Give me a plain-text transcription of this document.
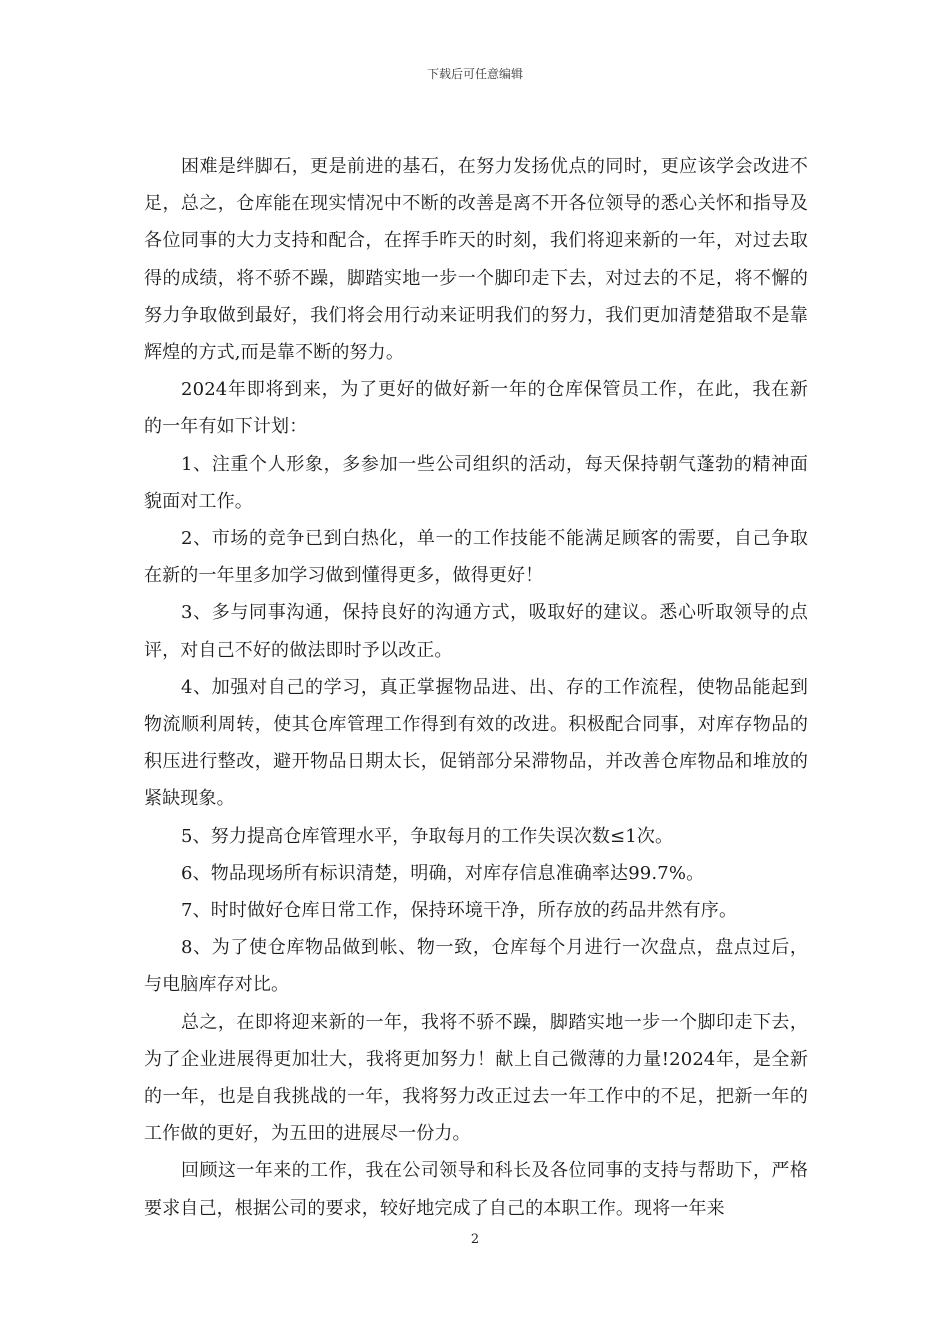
下载后可任意编辑

困难是绊脚石，更是前进的基石，在努力发扬优点的同时，更应该学会改进不足，总之，仓库能在现实情况中不断的改善是离不开各位领导的悉心关怀和指导及各位同事的大力支持和配合，在挥手昨天的时刻，我们将迎来新的一年，对过去取得的成绩，将不骄不躁，脚踏实地一步一个脚印走下去，对过去的不足，将不懈的努力争取做到最好，我们将会用行动来证明我们的努力，我们更加清楚猎取不是靠辉煌的方式,而是靠不断的努力。

2024年即将到来，为了更好的做好新一年的仓库保管员工作，在此，我在新的一年有如下计划：

1、注重个人形象，多参加一些公司组织的活动，每天保持朝气蓬勃的精神面貌面对工作。

2、市场的竞争已到白热化，单一的工作技能不能满足顾客的需要，自己争取在新的一年里多加学习做到懂得更多，做得更好！

3、多与同事沟通，保持良好的沟通方式，吸取好的建议。悉心听取领导的点评，对自己不好的做法即时予以改正。

4、加强对自己的学习，真正掌握物品进、出、存的工作流程，使物品能起到物流顺利周转，使其仓库管理工作得到有效的改进。积极配合同事，对库存物品的积压进行整改，避开物品日期太长，促销部分呆滞物品，并改善仓库物品和堆放的紧缺现象。

5、努力提高仓库管理水平，争取每月的工作失误次数≤1次。

6、物品现场所有标识清楚，明确，对库存信息准确率达99.7%。

7、时时做好仓库日常工作，保持环境干净，所存放的药品井然有序。

8、为了使仓库物品做到帐、物一致，仓库每个月进行一次盘点，盘点过后，与电脑库存对比。

总之，在即将迎来新的一年，我将不骄不躁，脚踏实地一步一个脚印走下去，为了企业进展得更加壮大，我将更加努力！献上自己微薄的力量!2024年，是全新的一年，也是自我挑战的一年，我将努力改正过去一年工作中的不足，把新一年的工作做的更好，为五田的进展尽一份力。

回顾这一年来的工作，我在公司领导和科长及各位同事的支持与帮助下，严格要求自己，根据公司的要求，较好地完成了自己的本职工作。现将一年来

2
